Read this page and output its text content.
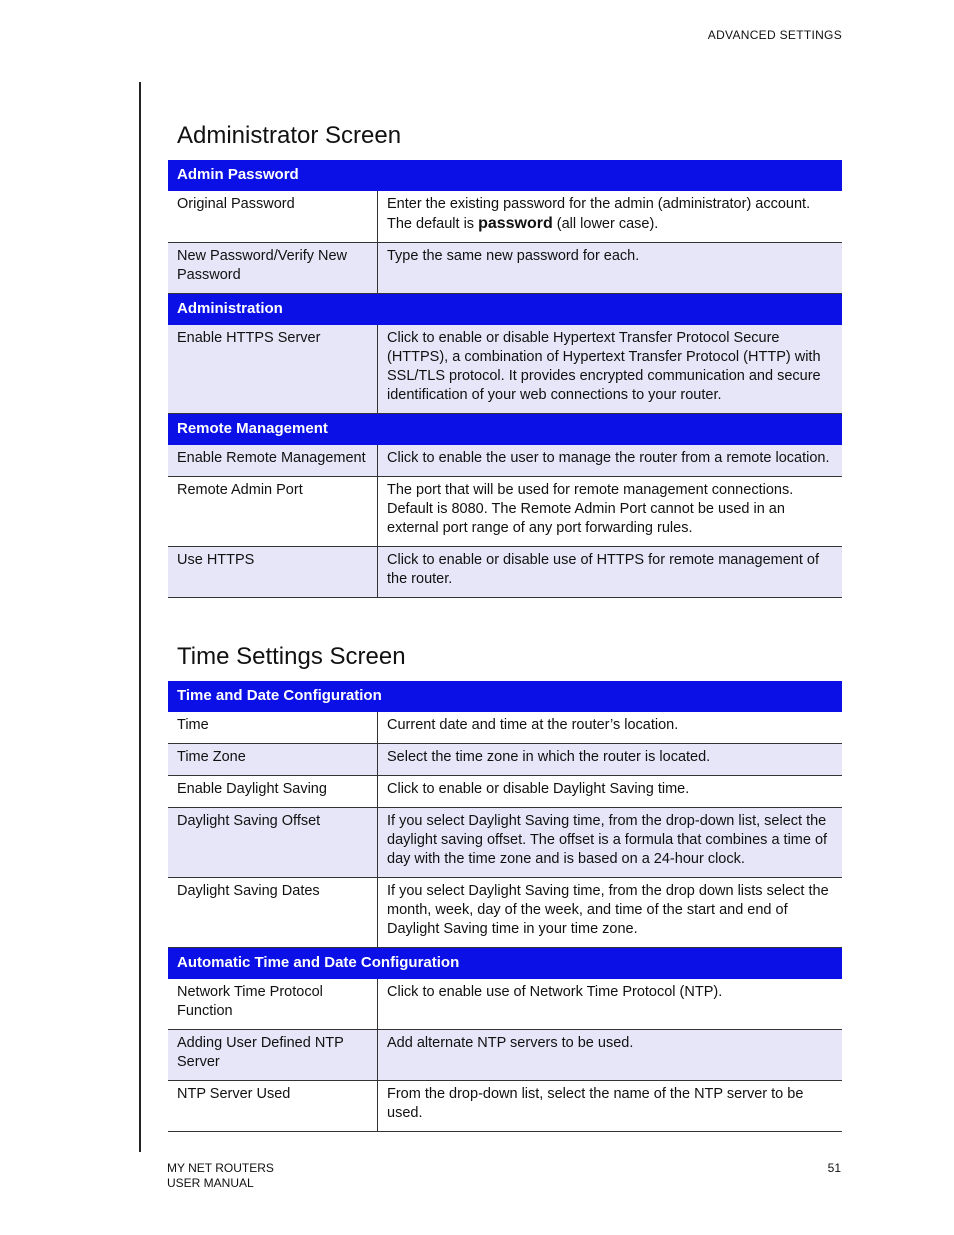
ADVANCED SETTINGS
Administrator Screen
Admin Password	
Original Password	Enter the existing password for the admin (administrator) account. The default is password (all lower case).
New Password/Verify New Password	Type the same new password for each.
Administration	
Enable HTTPS Server	Click to enable or disable Hypertext Transfer Protocol Secure (HTTPS), a combination of Hypertext Transfer Protocol (HTTP) with SSL/TLS protocol. It provides encrypted communication and secure identification of your web connections to your router.
Remote Management	
Enable Remote Management	Click to enable the user to manage the router from a remote location.
Remote Admin Port	The port that will be used for remote management connections. Default is 8080. The Remote Admin Port cannot be used in an external port range of any port forwarding rules.
Use HTTPS	Click to enable or disable use of HTTPS for remote management of the router.
Time Settings Screen
Time and Date Configuration	
Time	Current date and time at the router’s location.
Time Zone	Select the time zone in which the router is located.
Enable Daylight Saving	Click to enable or disable Daylight Saving time.
Daylight Saving Offset	If you select Daylight Saving time, from the drop-down list, select the daylight saving offset. The offset is a formula that combines a time of day with the time zone and is based on a 24-hour clock.
Daylight Saving Dates	If you select Daylight Saving time, from the drop down lists select the month, week, day of the week, and time of the start and end of Daylight Saving time in your time zone.
Automatic Time and Date Configuration	
Network Time Protocol Function	Click to enable use of Network Time Protocol (NTP).
Adding User Defined NTP Server	Add alternate NTP servers to be used.
NTP Server Used	From the drop-down list, select the name of the NTP server to be used.
MY NET ROUTERS
USER MANUAL
51
